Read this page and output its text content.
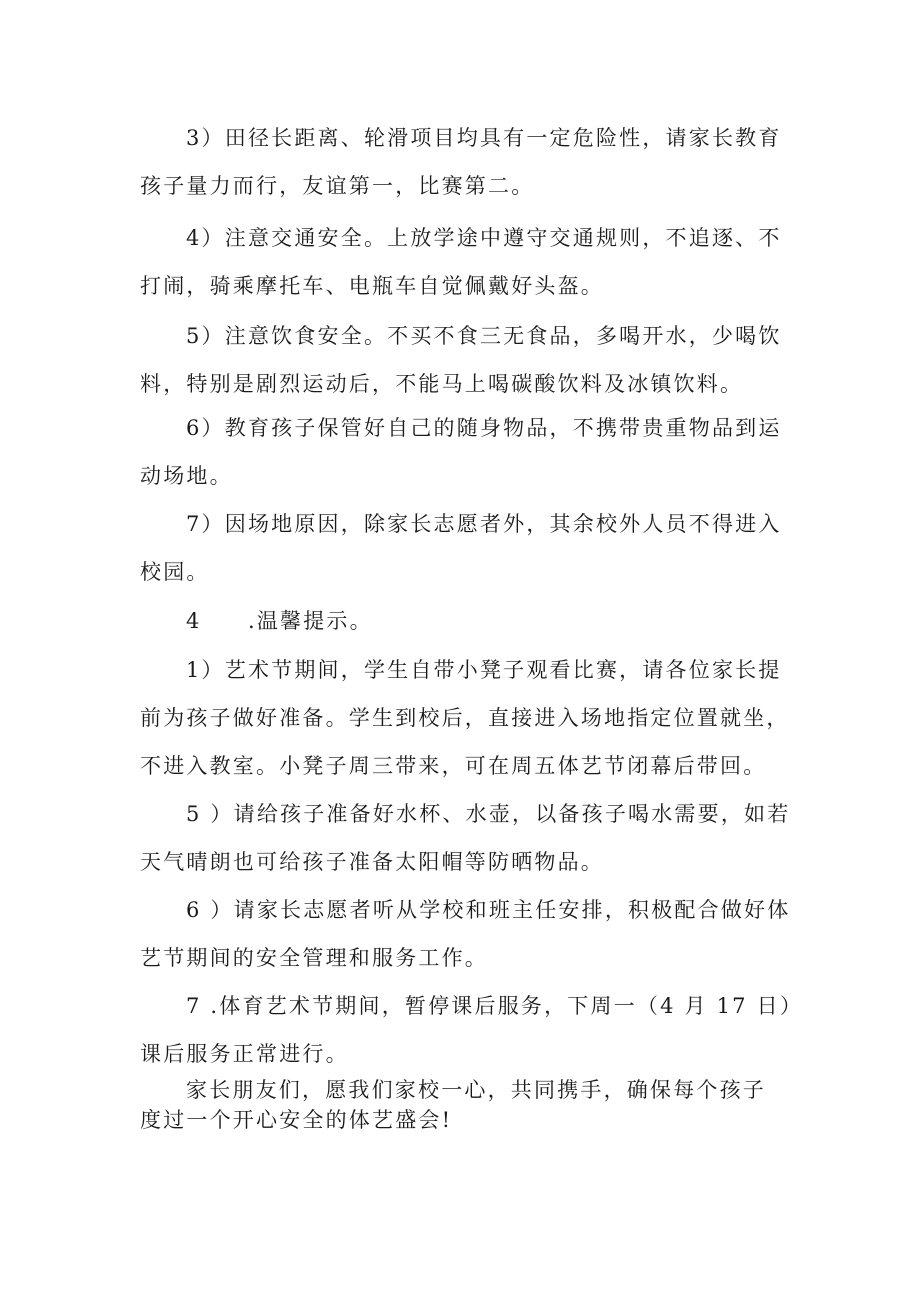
3）田径长距离、轮滑项目均具有一定危险性，请家长教育
孩子量力而行，友谊第一，比赛第二。
4）注意交通安全。上放学途中遵守交通规则，不追逐、不
打闹，骑乘摩托车、电瓶车自觉佩戴好头盔。
5）注意饮食安全。不买不食三无食品，多喝开水，少喝饮
料，特别是剧烈运动后，不能马上喝碳酸饮料及冰镇饮料。
6）教育孩子保管好自己的随身物品，不携带贵重物品到运
动场地。
7）因场地原因，除家长志愿者外，其余校外人员不得进入
校园。
4　　.温馨提示。
1）艺术节期间，学生自带小凳子观看比赛，请各位家长提
前为孩子做好准备。学生到校后，直接进入场地指定位置就坐，
不进入教室。小凳子周三带来，可在周五体艺节闭幕后带回。
5 ）请给孩子准备好水杯、水壶，以备孩子喝水需要，如若
天气晴朗也可给孩子准备太阳帽等防晒物品。
6 ）请家长志愿者听从学校和班主任安排，积极配合做好体
艺节期间的安全管理和服务工作。
7 .体育艺术节期间，暂停课后服务，下周一（4 月 17 日）
课后服务正常进行。
家长朋友们，愿我们家校一心，共同携手，确保每个孩子
度过一个开心安全的体艺盛会!
